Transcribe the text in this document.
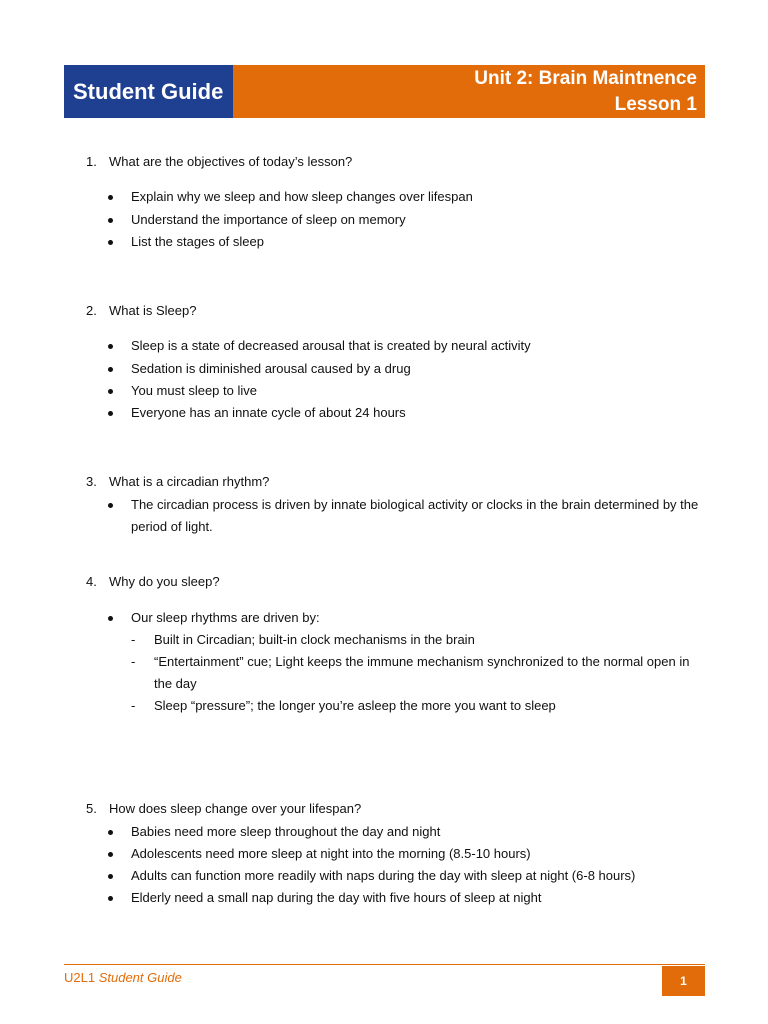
Student Guide	Unit 2: Brain Maintnence
Lesson 1
1. What are the objectives of today’s lesson?
Explain why we sleep and how sleep changes over lifespan
Understand the importance of sleep on memory
List the stages of sleep
2. What is Sleep?
Sleep is a state of decreased arousal that is created by neural activity
Sedation is diminished arousal caused by a drug
You must sleep to live
Everyone has an innate cycle of about 24 hours
3. What is a circadian rhythm?
The circadian process is driven by innate biological activity or clocks in the brain determined by the period of light.
4. Why do you sleep?
Our sleep rhythms are driven by:
- Built in Circadian; built-in clock mechanisms in the brain
- “Entertainment” cue; Light keeps the immune mechanism synchronized to the normal open in the day
- Sleep “pressure”; the longer you’re asleep the more you want to sleep
5. How does sleep change over your lifespan?
Babies need more sleep throughout the day and night
Adolescents need more sleep at night into the morning (8.5-10 hours)
Adults can function more readily with naps during the day with sleep at night (6-8 hours)
Elderly need a small nap during the day with five hours of sleep at night
U2L1 Student Guide	1
